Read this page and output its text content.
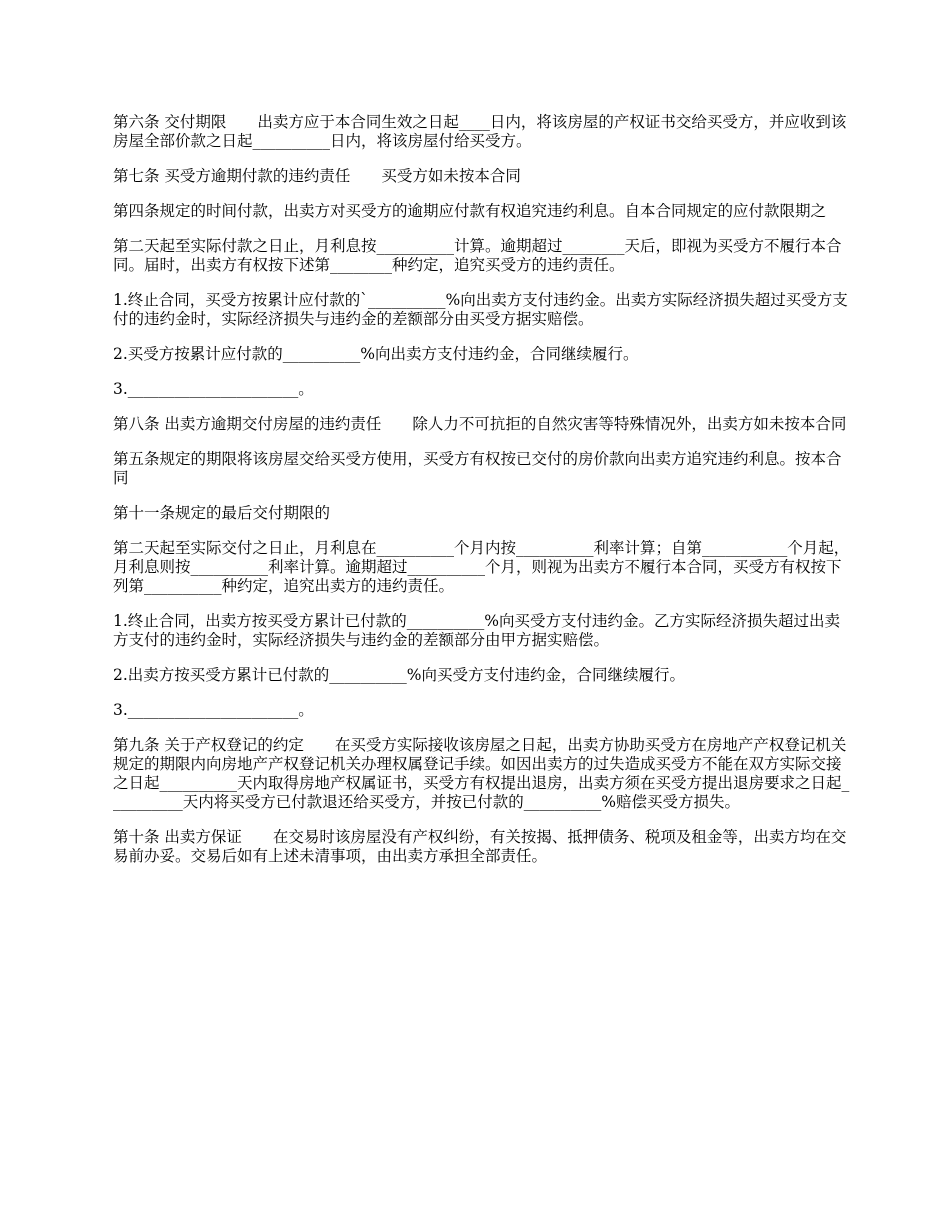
第六条 交付期限　　出卖方应于本合同生效之日起____日内，将该房屋的产权证书交给买受方，并应收到该房屋全部价款之日起__________日内，将该房屋付给买受方。

第七条 买受方逾期付款的违约责任　　买受方如未按本合同

第四条规定的时间付款，出卖方对买受方的逾期应付款有权追究违约利息。自本合同规定的应付款限期之

第二天起至实际付款之日止，月利息按__________计算。逾期超过________天后，即视为买受方不履行本合同。届时，出卖方有权按下述第________种约定，追究买受方的违约责任。

1.终止合同，买受方按累计应付款的`__________%向出卖方支付违约金。出卖方实际经济损失超过买受方支付的违约金时，实际经济损失与违约金的差额部分由买受方据实赔偿。

2.买受方按累计应付款的__________%向出卖方支付违约金，合同继续履行。

3.______________________。

第八条 出卖方逾期交付房屋的违约责任　　除人力不可抗拒的自然灾害等特殊情况外，出卖方如未按本合同

第五条规定的期限将该房屋交给买受方使用，买受方有权按已交付的房价款向出卖方追究违约利息。按本合同

第十一条规定的最后交付期限的

第二天起至实际交付之日止，月利息在__________个月内按__________利率计算；自第___________个月起，月利息则按__________利率计算。逾期超过__________个月，则视为出卖方不履行本合同，买受方有权按下列第__________种约定，追究出卖方的违约责任。

1.终止合同，出卖方按买受方累计已付款的__________%向买受方支付违约金。乙方实际经济损失超过出卖方支付的违约金时，实际经济损失与违约金的差额部分由甲方据实赔偿。

2.出卖方按买受方累计已付款的__________%向买受方支付违约金，合同继续履行。

3.______________________。

第九条 关于产权登记的约定　　在买受方实际接收该房屋之日起，出卖方协助买受方在房地产产权登记机关规定的期限内向房地产产权登记机关办理权属登记手续。如因出卖方的过失造成买受方不能在双方实际交接之日起__________天内取得房地产权属证书，买受方有权提出退房，出卖方须在买受方提出退房要求之日起__________天内将买受方已付款退还给买受方，并按已付款的__________%赔偿买受方损失。

第十条 出卖方保证　　在交易时该房屋没有产权纠纷，有关按揭、抵押债务、税项及租金等，出卖方均在交易前办妥。交易后如有上述未清事项，由出卖方承担全部责任。
